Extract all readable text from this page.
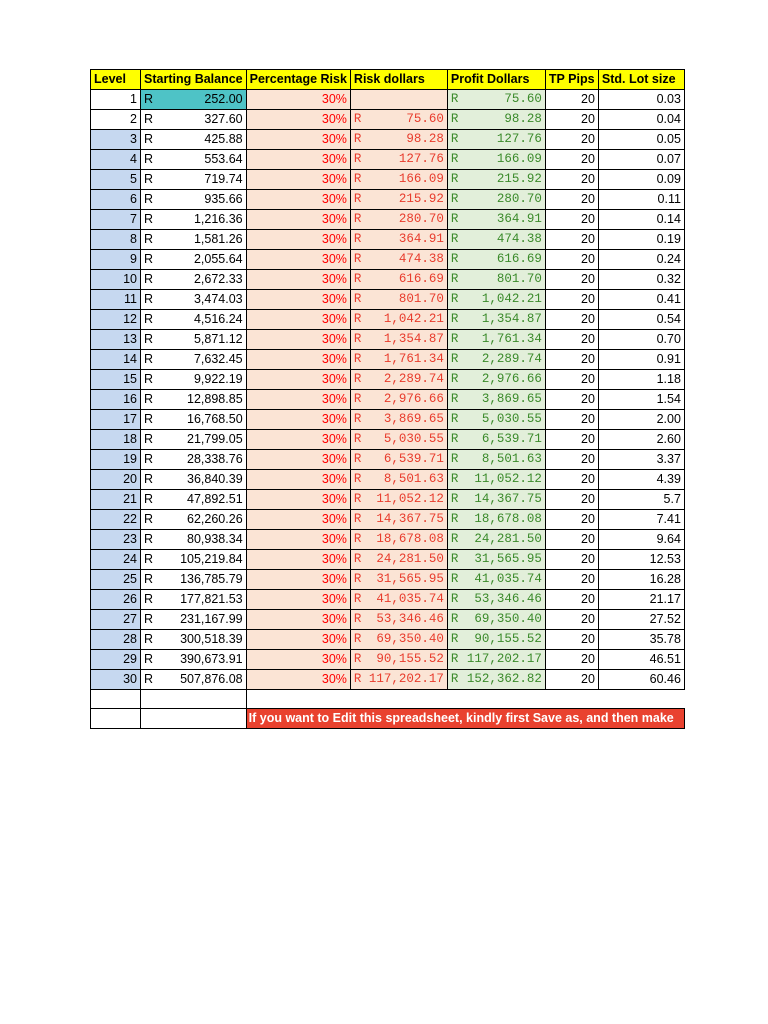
Level	Starting Balance	Percentage Risk	Risk dollars	Profit Dollars	TP Pips	Std. Lot size
1	R 252.00	30%		R 75.60	20	0.03
2	R 327.60	30%	R 75.60	R 98.28	20	0.04
3	R 425.88	30%	R 98.28	R 127.76	20	0.05
4	R 553.64	30%	R 127.76	R 166.09	20	0.07
5	R 719.74	30%	R 166.09	R 215.92	20	0.09
6	R 935.66	30%	R 215.92	R 280.70	20	0.11
7	R 1,216.36	30%	R 280.70	R 364.91	20	0.14
8	R 1,581.26	30%	R 364.91	R 474.38	20	0.19
9	R 2,055.64	30%	R 474.38	R 616.69	20	0.24
10	R 2,672.33	30%	R 616.69	R 801.70	20	0.32
11	R 3,474.03	30%	R 801.70	R 1,042.21	20	0.41
12	R 4,516.24	30%	R 1,042.21	R 1,354.87	20	0.54
13	R 5,871.12	30%	R 1,354.87	R 1,761.34	20	0.70
14	R 7,632.45	30%	R 1,761.34	R 2,289.74	20	0.91
15	R 9,922.19	30%	R 2,289.74	R 2,976.66	20	1.18
16	R 12,898.85	30%	R 2,976.66	R 3,869.65	20	1.54
17	R 16,768.50	30%	R 3,869.65	R 5,030.55	20	2.00
18	R 21,799.05	30%	R 5,030.55	R 6,539.71	20	2.60
19	R 28,338.76	30%	R 6,539.71	R 8,501.63	20	3.37
20	R 36,840.39	30%	R 8,501.63	R 11,052.12	20	4.39
21	R 47,892.51	30%	R 11,052.12	R 14,367.75	20	5.7
22	R 62,260.26	30%	R 14,367.75	R 18,678.08	20	7.41
23	R 80,938.34	30%	R 18,678.08	R 24,281.50	20	9.64
24	R 105,219.84	30%	R 24,281.50	R 31,565.95	20	12.53
25	R 136,785.79	30%	R 31,565.95	R 41,035.74	20	16.28
26	R 177,821.53	30%	R 41,035.74	R 53,346.46	20	21.17
27	R 231,167.99	30%	R 53,346.46	R 69,350.40	20	27.52
28	R 300,518.39	30%	R 69,350.40	R 90,155.52	20	35.78
29	R 390,673.91	30%	R 90,155.52	R 117,202.17	20	46.51
30	R 507,876.08	30%	R 117,202.17	R 152,362.82	20	60.46

		If you want to Edit this spreadsheet, kindly first Save as, and then make				
